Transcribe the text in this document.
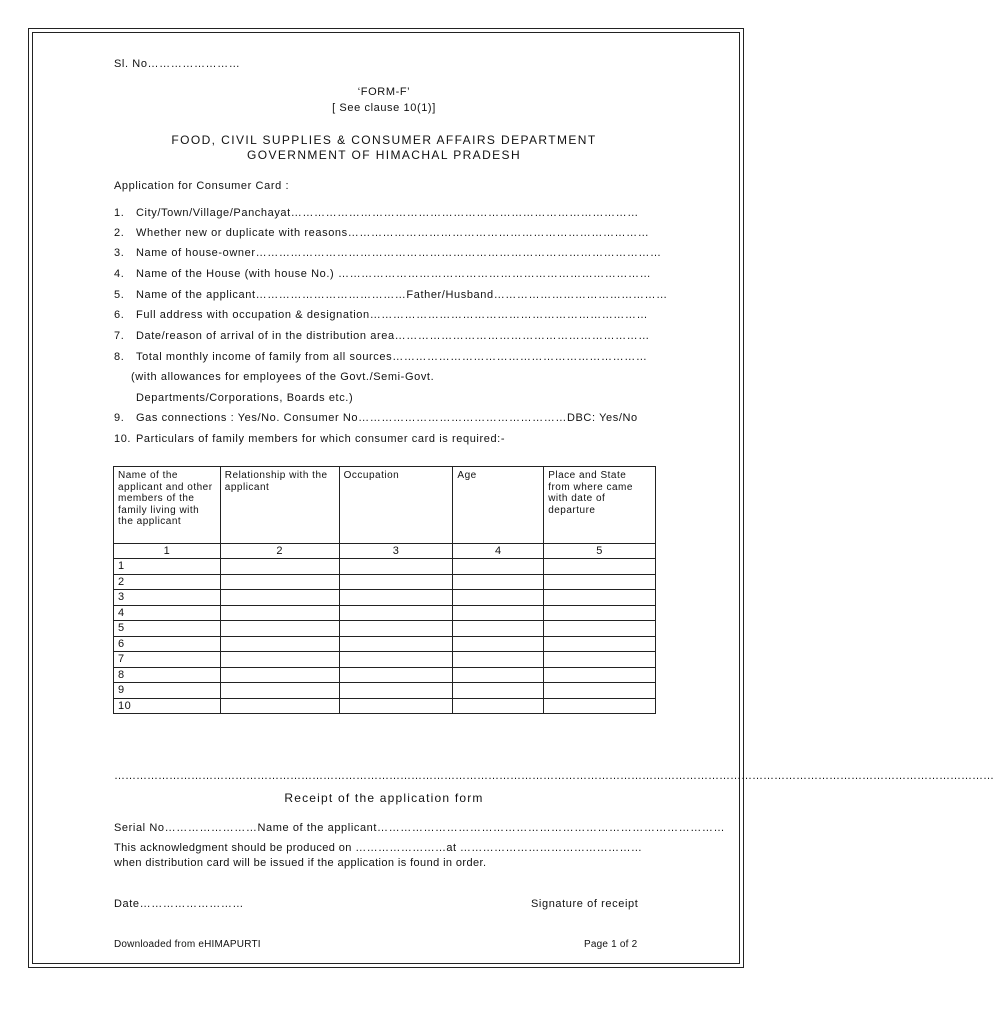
Sl. No……………………
‘FORM-F’
[ See clause 10(1)]
FOOD, CIVIL SUPPLIES & CONSUMER AFFAIRS DEPARTMENT
GOVERNMENT OF HIMACHAL PRADESH
Application for Consumer Card :
1. City/Town/Village/Panchayat………………………………………………………………………………
2. Whether new or duplicate with reasons……………………………………………………………………
3. Name of house-owner……………………………………………………………………………………………
4. Name of the House (with house No.) ………………………………………………………………………
5. Name of the applicant…………………………………Father/Husband………………………………………
6. Full address with occupation & designation………………………………………………………………
7. Date/reason of arrival of in the distribution area…………………………………………………………
8. Total monthly income of family from all sources…………………………………………………………
(with allowances for employees of the Govt./Semi-Govt.
Departments/Corporations, Boards etc.)
9. Gas connections : Yes/No. Consumer No………………………………………………DBC: Yes/No
10. Particulars of family members for which consumer card is required:-
Name of the applicant and other members of the family living with the applicant	Relationship with the applicant	Occupation	Age	Place and State from where came with date of departure
1	2	3	4	5
1				
2				
3				
4				
5				
6				
7				
8				
9				
10				
……………………………………………………………………………………………………………………………………………………………………………………………………………………
Receipt of the application form
Serial No……………………Name of the applicant………………………………………………………………………………
This acknowledgment should be produced on ……………………at …………………………………………
when distribution card will be issued if the application is found in order.
Date………………………	Signature of receipt
Downloaded from eHIMAPURTI	Page 1 of 2
